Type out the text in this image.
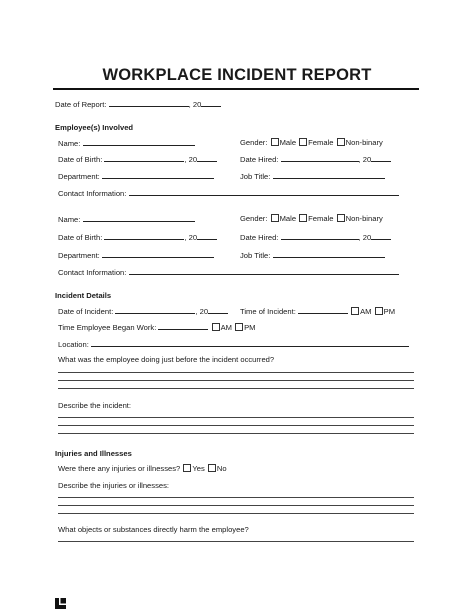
WORKPLACE INCIDENT REPORT
Date of Report:	, 20
Employee(s) Involved
Name:	Gender: Male Female Non-binary
Date of Birth:	, 20	Date Hired:	, 20
Department:	Job Title:
Contact Information:
Name:	Gender: Male Female Non-binary
Date of Birth:	, 20	Date Hired:	, 20
Department:	Job Title:
Contact Information:
Incident Details
Date of Incident:	, 20	Time of Incident:	AM PM
Time Employee Began Work:	AM PM
Location:
What was the employee doing just before the incident occurred?
Describe the incident:
Injuries and Illnesses
Were there any injuries or illnesses? Yes No
Describe the injuries or illnesses:
What objects or substances directly harm the employee?
